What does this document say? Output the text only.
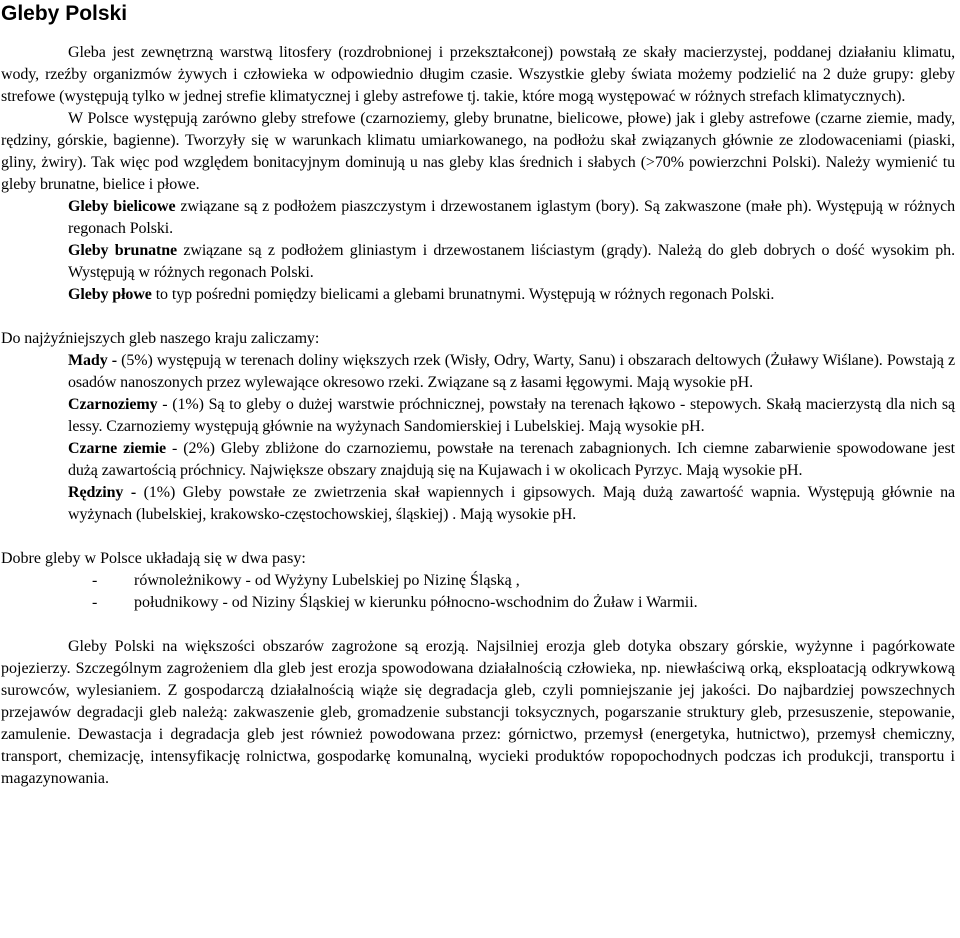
Gleby Polski

Gleba jest zewnętrzną warstwą litosfery (rozdrobnionej i przekształconej) powstałą ze skały macierzystej, poddanej działaniu klimatu, wody, rzeźby organizmów żywych i człowieka w odpowiednio długim czasie. Wszystkie gleby świata możemy podzielić na 2 duże grupy: gleby strefowe (występują tylko w jednej strefie klimatycznej i gleby astrefowe tj. takie, które mogą występować w różnych strefach klimatycznych).

W Polsce występują zarówno gleby strefowe (czarnoziemy, gleby brunatne, bielicowe, płowe) jak i gleby astrefowe (czarne ziemie, mady, rędziny, górskie, bagienne). Tworzyły się w warunkach klimatu umiarkowanego, na podłożu skał związanych głównie ze zlodowaceniami (piaski, gliny, żwiry). Tak więc pod względem bonitacyjnym dominują u nas gleby klas średnich i słabych (>70% powierzchni Polski). Należy wymienić tu gleby brunatne, bielice i płowe.

Gleby bielicowe związane są z podłożem piaszczystym i drzewostanem iglastym (bory). Są zakwaszone (małe ph). Występują w różnych regonach Polski.

Gleby brunatne związane są z podłożem gliniastym i drzewostanem liściastym (grądy). Należą do gleb dobrych o dość wysokim ph. Występują w różnych regonach Polski.

Gleby płowe to typ pośredni pomiędzy bielicami a glebami brunatnymi. Występują w różnych regonach Polski.

Do najżyźniejszych gleb naszego kraju zaliczamy:

Mady - (5%) występują w terenach doliny większych rzek (Wisły, Odry, Warty, Sanu) i obszarach deltowych (Żuławy Wiślane). Powstają z osadów nanoszonych przez wylewające okresowo rzeki. Związane są z łasami łęgowymi. Mają wysokie pH.

Czarnoziemy - (1%) Są to gleby o dużej warstwie próchnicznej, powstały na terenach łąkowo - stepowych. Skałą macierzystą dla nich są lessy. Czarnoziemy występują głównie na wyżynach Sandomierskiej i Lubelskiej. Mają wysokie pH.

Czarne ziemie - (2%) Gleby zbliżone do czarnoziemu, powstałe na terenach zabagnionych. Ich ciemne zabarwienie spowodowane jest dużą zawartością próchnicy. Największe obszary znajdują się na Kujawach i w okolicach Pyrzyc. Mają wysokie pH.

Rędziny - (1%) Gleby powstałe ze zwietrzenia skał wapiennych i gipsowych. Mają dużą zawartość wapnia. Występują głównie na wyżynach (lubelskiej, krakowsko-częstochowskiej, śląskiej) . Mają wysokie pH.

Dobre gleby w Polsce układają się w dwa pasy:

-	równoleżnikowy - od Wyżyny Lubelskiej po Nizinę Śląską ,
-	południkowy - od Niziny Śląskiej w kierunku północno-wschodnim do Żuław i Warmii.

Gleby Polski na większości obszarów zagrożone są erozją. Najsilniej erozja gleb dotyka obszary górskie, wyżynne i pagórkowate pojezierzy. Szczególnym zagrożeniem dla gleb jest erozja spowodowana działalnością człowieka, np. niewłaściwą orką, eksploatacją odkrywkową surowców, wylesianiem. Z gospodarczą działalnością wiąże się degradacja gleb, czyli pomniejszanie jej jakości. Do najbardziej powszechnych przejawów degradacji gleb należą: zakwaszenie gleb, gromadzenie substancji toksycznych, pogarszanie struktury gleb, przesuszenie, stepowanie, zamulenie. Dewastacja i degradacja gleb jest również powodowana przez: górnictwo, przemysł (energetyka, hutnictwo), przemysł chemiczny, transport, chemizację, intensyfikację rolnictwa, gospodarkę komunalną, wycieki produktów ropopochodnych podczas ich produkcji, transportu i magazynowania.
